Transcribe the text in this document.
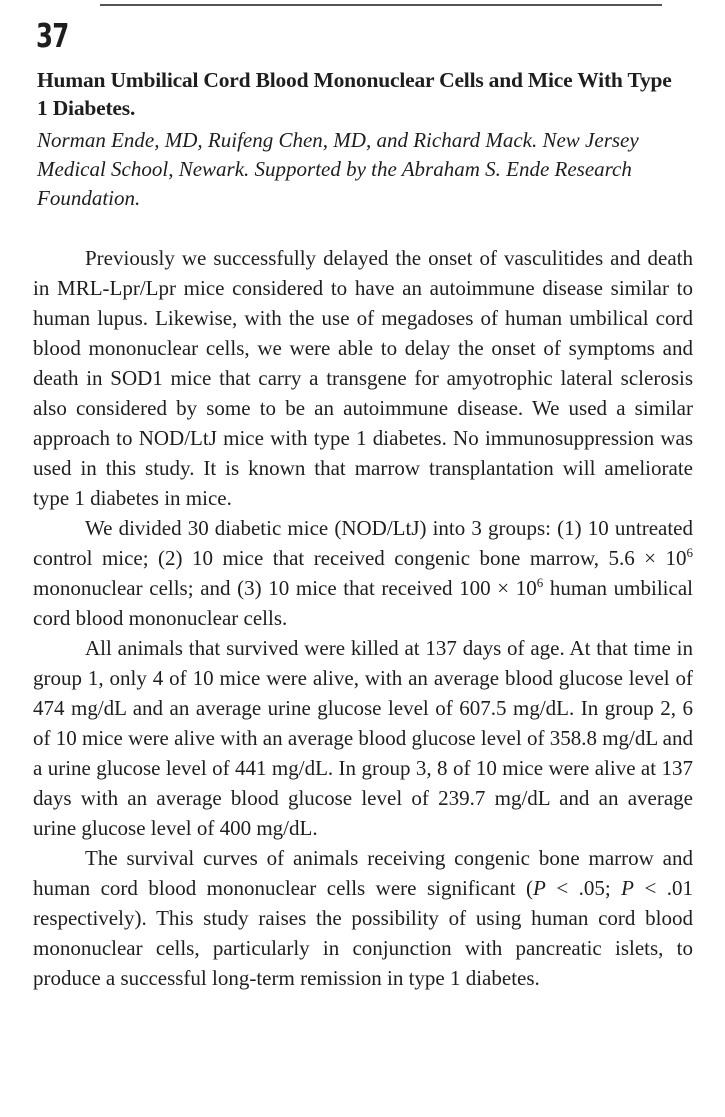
37
Human Umbilical Cord Blood Mononuclear Cells and Mice With Type 1 Diabetes.
Norman Ende, MD, Ruifeng Chen, MD, and Richard Mack. New Jersey Medical School, Newark. Supported by the Abraham S. Ende Research Foundation.

Previously we successfully delayed the onset of vasculitides and death in MRL-Lpr/Lpr mice considered to have an autoimmune disease similar to human lupus. Likewise, with the use of megadoses of human umbilical cord blood mononuclear cells, we were able to delay the onset of symptoms and death in SOD1 mice that carry a transgene for amyotrophic lateral sclerosis also considered by some to be an autoimmune disease. We used a similar approach to NOD/LtJ mice with type 1 diabetes. No immunosuppression was used in this study. It is known that marrow transplantation will ameliorate type 1 diabetes in mice.

We divided 30 diabetic mice (NOD/LtJ) into 3 groups: (1) 10 untreated control mice; (2) 10 mice that received congenic bone marrow, $5.6 \times 10^6$ mononuclear cells; and (3) 10 mice that received $100 \times 10^6$ human umbilical cord blood mononuclear cells.

All animals that survived were killed at 137 days of age. At that time in group 1, only 4 of 10 mice were alive, with an average blood glucose level of 474 mg/dL and an average urine glucose level of 607.5 mg/dL. In group 2, 6 of 10 mice were alive with an average blood glucose level of 358.8 mg/dL and a urine glucose level of 441 mg/dL. In group 3, 8 of 10 mice were alive at 137 days with an average blood glucose level of 239.7 mg/dL and an average urine glucose level of 400 mg/dL.

The survival curves of animals receiving congenic bone marrow and human cord blood mononuclear cells were significant (P < .05; P < .01 respectively). This study raises the possibility of using human cord blood mononuclear cells, particularly in conjunction with pancreatic islets, to produce a successful long-term remission in type 1 diabetes.
